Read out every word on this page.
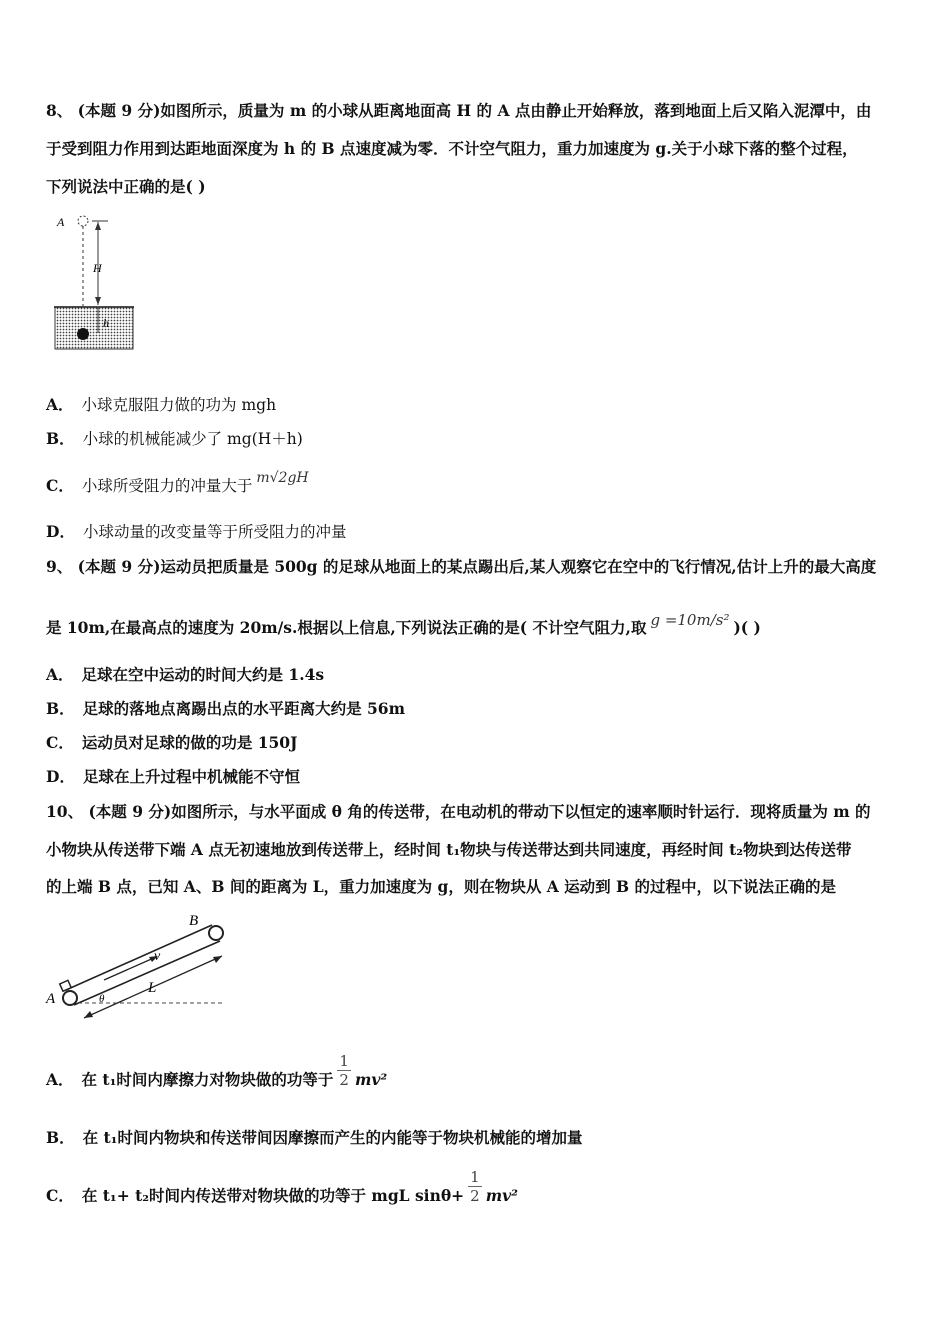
8、 (本题 9 分)如图所示，质量为 m 的小球从距离地面高 H 的 A 点由静止开始释放，落到地面上后又陷入泥潭中，由
于受到阻力作用到达距地面深度为 h 的 B 点速度减为零．不计空气阻力，重力加速度为 g.关于小球下落的整个过程，
下列说法中正确的是( )
A
H
h
A． 小球克服阻力做的功为 mgh
B． 小球的机械能减少了 mg(H＋h)
C． 小球所受阻力的冲量大于 m√2gH
D． 小球动量的改变量等于所受阻力的冲量
9、 (本题 9 分)运动员把质量是 500g 的足球从地面上的某点踢出后,某人观察它在空中的飞行情况,估计上升的最大高度
是 10m,在最高点的速度为 20m/s.根据以上信息,下列说法正确的是( 不计空气阻力,取 g =10m/s² )( )
A． 足球在空中运动的时间大约是 1.4s
B． 足球的落地点离踢出点的水平距离大约是 56m
C． 运动员对足球的做的功是 150J
D． 足球在上升过程中机械能不守恒
10、 (本题 9 分)如图所示，与水平面成 θ 角的传送带，在电动机的带动下以恒定的速率顺时针运行．现将质量为 m 的
小物块从传送带下端 A 点无初速地放到传送带上，经时间 t₁物块与传送带达到共同速度，再经时间 t₂物块到达传送带
的上端 B 点，已知 A、B 间的距离为 L，重力加速度为 g，则在物块从 A 运动到 B 的过程中，以下说法正确的是
v
L
θ
A
B
A． 在 t₁时间内摩擦力对物块做的功等于 $\frac{1}{2} mv^2$
B． 在 t₁时间内物块和传送带间因摩擦而产生的内能等于物块机械能的增加量
C． 在 t₁+ t₂时间内传送带对物块做的功等于 mgL $\sin\theta+ \frac{1}{2} mv^2$
